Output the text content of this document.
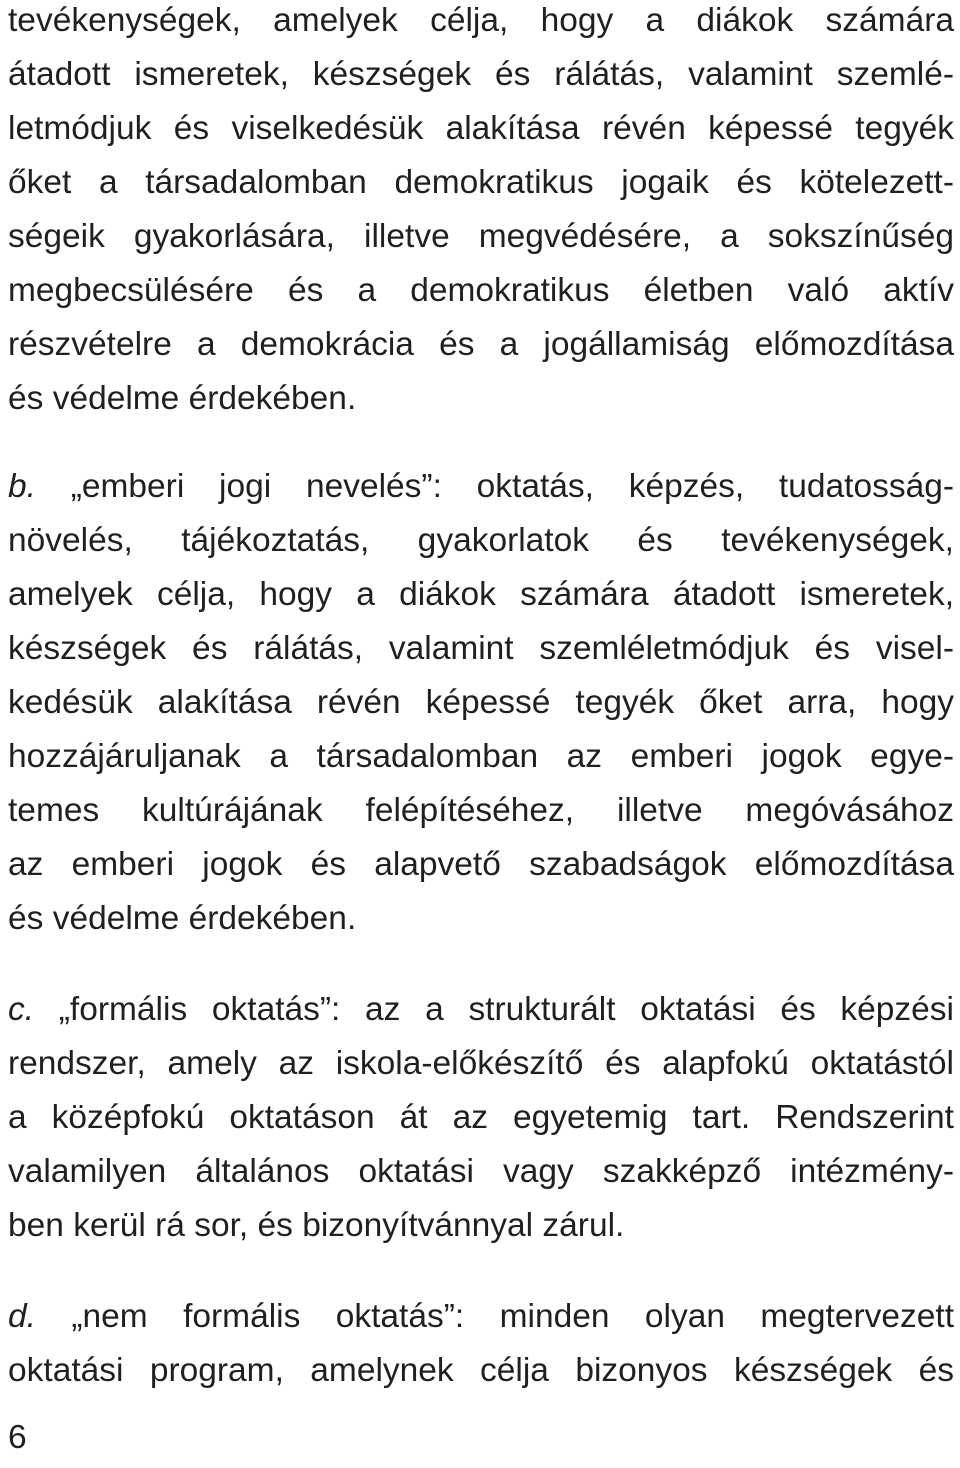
tevékenységek, amelyek célja, hogy a diákok számára
átadott ismeretek, készségek és rálátás, valamint szemlé-
letmódjuk és viselkedésük alakítása révén képessé tegyék
őket a társadalomban demokratikus jogaik és kötelezett-
ségeik gyakorlására, illetve megvédésére, a sokszínűség
megbecsülésére és a demokratikus életben való aktív
részvételre a demokrácia és a jogállamiság előmozdítása
és védelme érdekében.
b. „emberi jogi nevelés”: oktatás, képzés, tudatosság-
növelés, tájékoztatás, gyakorlatok és tevékenységek,
amelyek célja, hogy a diákok számára átadott ismeretek,
készségek és rálátás, valamint szemléletmódjuk és visel-
kedésük alakítása révén képessé tegyék őket arra, hogy
hozzájáruljanak a társadalomban az emberi jogok egye-
temes kultúrájának felépítéséhez, illetve megóvásához
az emberi jogok és alapvető szabadságok előmozdítása
és védelme érdekében.
c. „formális oktatás”: az a strukturált oktatási és képzési
rendszer, amely az iskola-előkészítő és alapfokú oktatástól
a középfokú oktatáson át az egyetemig tart. Rendszerint
valamilyen általános oktatási vagy szakképző intézmény-
ben kerül rá sor, és bizonyítvánnyal zárul.
d. „nem formális oktatás”: minden olyan megtervezett
oktatási program, amelynek célja bizonyos készségek és
6
